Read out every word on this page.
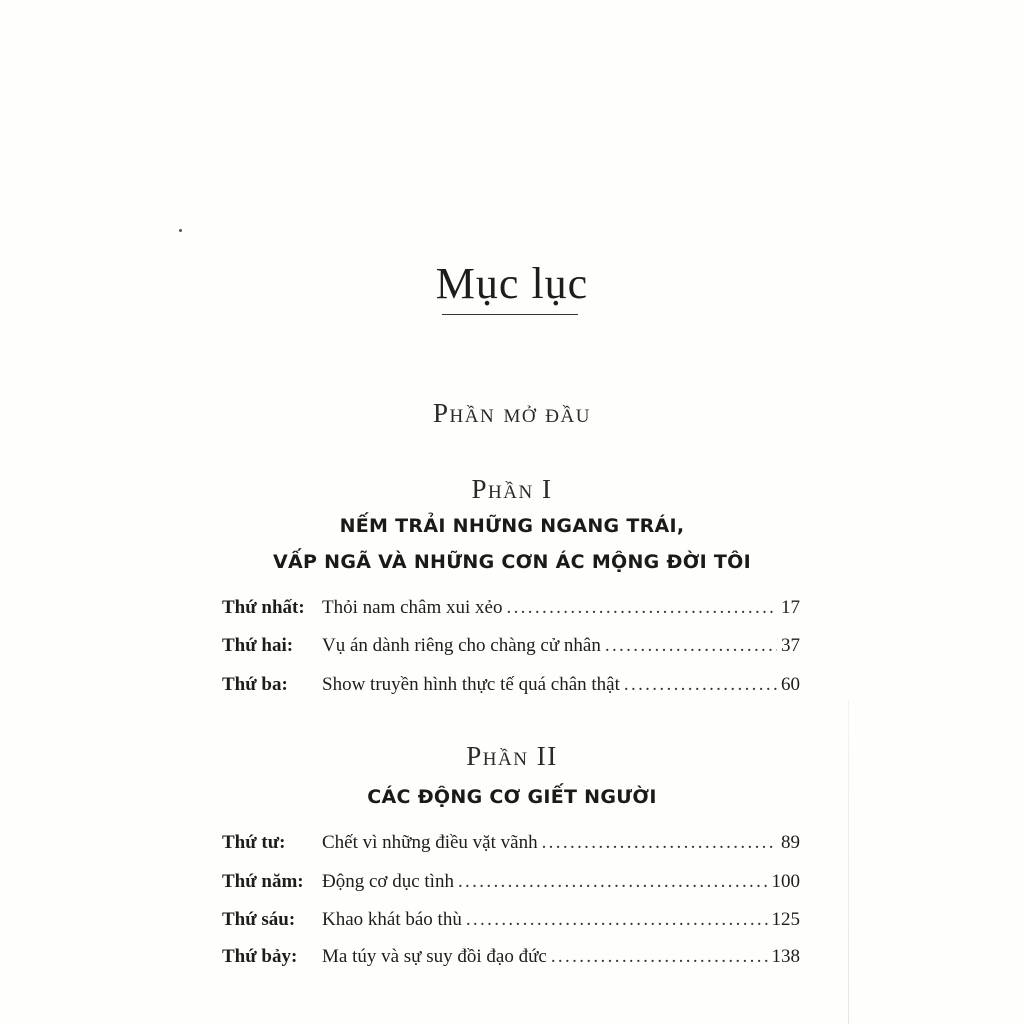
Mục lục
Phần mở đầu
Phần I
NẾM TRẢI NHỮNG NGANG TRÁI,
VẤP NGÃ VÀ NHỮNG CƠN ÁC MỘNG ĐỜI TÔI
Thứ nhất: Thỏi nam châm xui xẻo . . .	17
Thứ hai:	Vụ án dành riêng cho chàng cử nhân . . .	37
Thứ ba:	Show truyền hình thực tế quá chân thật . . .	60
Phần II
CÁC ĐỘNG CƠ GIẾT NGƯỜI
Thứ tư:	Chết vì những điều vặt vãnh . . .	89
Thứ năm: Động cơ dục tình . . .	100
Thứ sáu:	Khao khát báo thù . . .	125
Thứ bảy:	Ma túy và sự suy đồi đạo đức . . .	138
